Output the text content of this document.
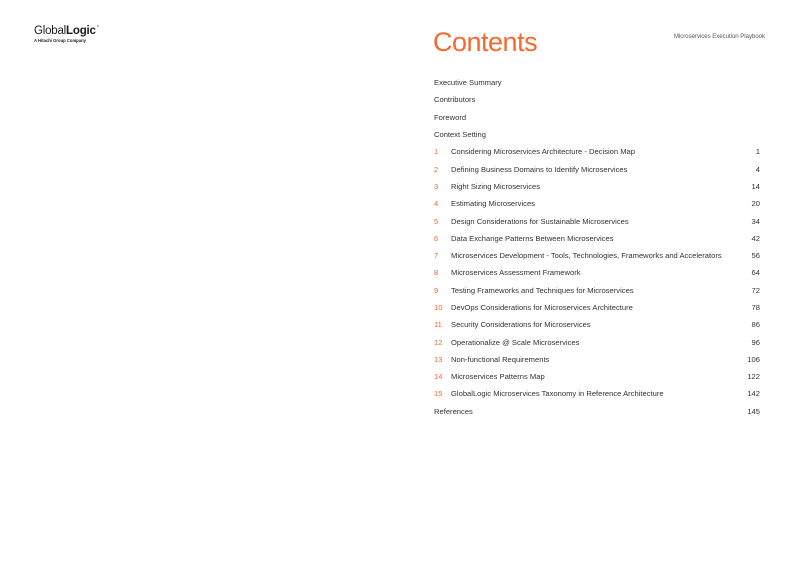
GlobalLogic°
A Hitachi Group Company	Contents	Microservices Execution Playbook
Executive Summary
Contributors
Foreword
Context Setting
1	Considering Microservices Architecture - Decision Map	1
2	Defining Business Domains to Identify Microservices	4
3	Right Sizing Microservices	14
4	Estimating Microservices	20
5	Design Considerations for Sustainable Microservices	34
6	Data Exchange Patterns Between Microservices	42
7	Microservices Development - Tools, Technologies, Frameworks and Accelerators	56
8	Microservices Assessment Framework	64
9	Testing Frameworks and Techniques for Microservices	72
10	DevOps Considerations for Microservices Architecture	78
11	Security Considerations for Microservices	86
12	Operationalize @ Scale Microservices	96
13	Non-functional Requirements	106
14	Microservices Patterns Map	122
15	GlobalLogic Microservices Taxonomy in Reference Architecture	142
References	145
